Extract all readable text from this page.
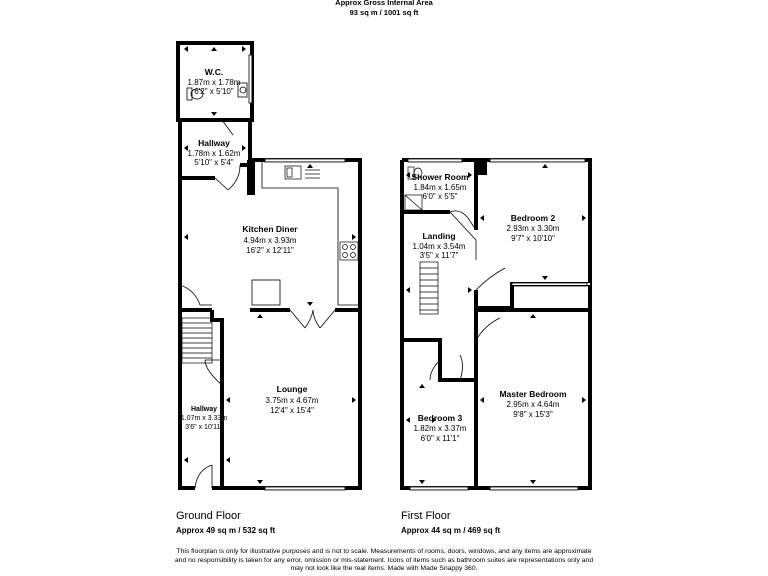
Approx Gross Internal Area
93 sq m / 1001 sq ft
W.C.
1.87m x 1.78m
6'2" x 5'10"
Hallway
1.78m x 1.62m
5'10" x 5'4"
Kitchen Diner
4.94m x 3.93m
16'2" x 12'11"
Lounge
3.75m x 4.67m
12'4" x 15'4"
Hallway
1.07m x 3.33m
3'6" x 10'11"
Shower Room
1.84m x 1.65m
6'0" x 5'5"
Bedroom 2
2.93m x 3.30m
9'7" x 10'10"
Landing
1.04m x 3.54m
3'5" x 11'7"
Master Bedroom
2.95m x 4.64m
9'8" x 15'3"
Bedroom 3
1.82m x 3.37m
6'0" x 11'1"
Ground Floor
Approx 49 sq m / 532 sq ft
First Floor
Approx 44 sq m / 469 sq ft
This floorplan is only for illustrative purposes and is not to scale. Measurements of rooms, doors, windows, and any items are approximate
and no responsibility is taken for any error, omission or mis-statement. Icons of items such as bathroom suites are representations only and
may not look like the real items. Made with Made Snappy 360.
